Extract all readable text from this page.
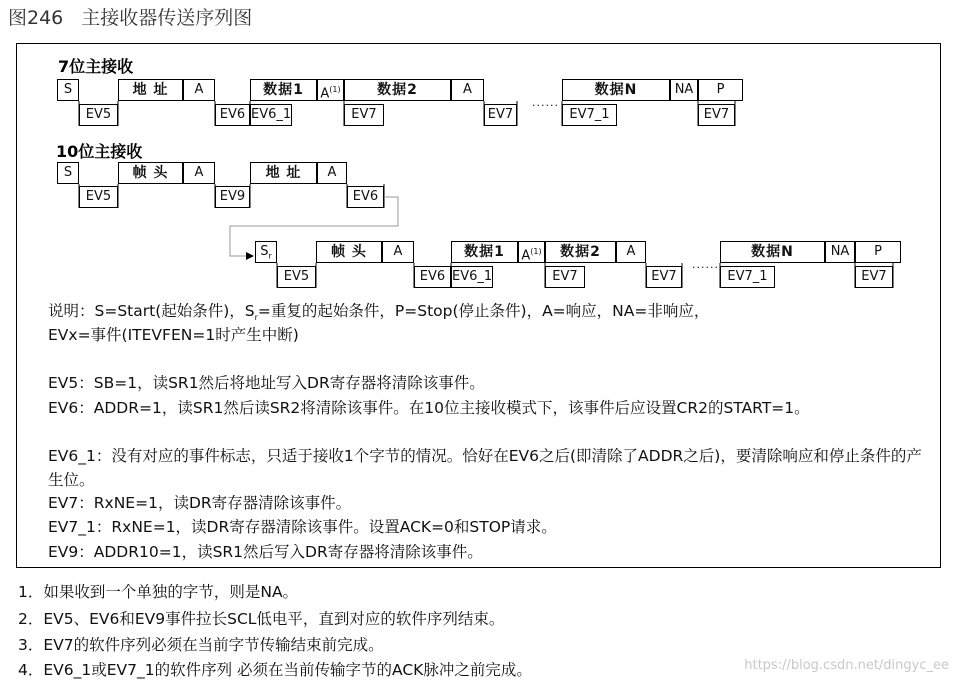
图246 主接收器传送序列图
7位主接收
S	地 址	A	数据1	$A^{(1)}$	数据2	A
......
数据N	NA	P
EV5	EV6 EV6_1	EV7	EV7	EV7_1	EV7
10位主接收
S	帧 头	A	地 址	A
EV5	EV9	EV6
$S_r$	帧 头	A	数据1	$A^{(1)}$	数据2	A
......
数据N	NA	P
EV5	EV6 EV6_1	EV7	EV7	EV7_1	EV7
说明：S=Start(起始条件)，$S_r=$重复的起始条件，P=Stop(停止条件)，A=响应，NA=非响应，
EVx=事件(ITEVFEN=1时产生中断)
EV5：SB=1，读SR1然后将地址写入DR寄存器将清除该事件。
EV6：ADDR=1，读SR1然后读SR2将清除该事件。在10位主接收模式下，该事件后应设置CR2的START=1。
EV6_1：没有对应的事件标志，只适于接收1个字节的情况。恰好在EV6之后(即清除了ADDR之后)，要清除响应和停止条件的产生位。
EV7：RxNE=1，读DR寄存器清除该事件。
EV7_1：RxNE=1，读DR寄存器清除该事件。设置ACK=0和STOP请求。
EV9：ADDR10=1，读SR1然后写入DR寄存器将清除该事件。
1．如果收到一个单独的字节，则是NA。
2．EV5、EV6和EV9事件拉长SCL低电平，直到对应的软件序列结束。
3．EV7的软件序列必须在当前字节传输结束前完成。
4．EV6_1或EV7_1的软件序列 必须在当前传输字节的ACK脉冲之前完成。	https://blog.csdn.net/dingyc_ee
